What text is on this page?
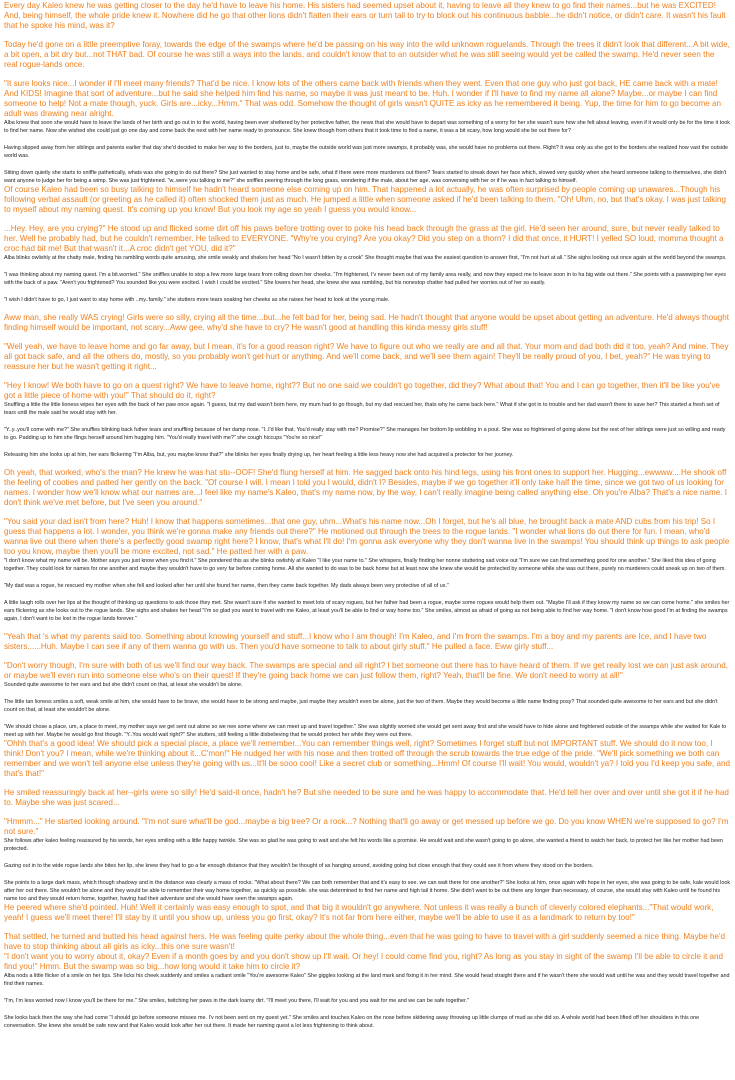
Every day Kaleo knew he was getting closer to the day he'd have to leave his home. His sisters had seemed upset about it, having to leave all they knew to go find their names...but he was EXCITED! And, being himself, the whole pride knew it. Nowhere did he go that other lions didn't flatten their ears or turn tail to try to block out his continuous babble...he didn't notice, or didn't care. It wasn't his fault that he spoke his mind, was it?

Today he'd gone on a little preemptive foray, towards the edge of the swamps where he'd be passing on his way into the wild unknown roguelands. Through the trees it didn't look that different...A bit wide, a bit open, a bit dry but...not THAT bad. Of course he was still a ways into the lands, and couldn't know that to an outsider what he was still seeing would yet be called the swamp. He'd never seen the real rogue-lands once.

"It sure looks nice...I wonder if I'll meet many friends? That'd be nice. I know lots of the others came back with friends when they went. Even that one guy who just got back, HE came back with a mate! And KIDS! Imagine that sort of adventure...but he said she helped him find his name, so maybe it was just meant to be. Huh. I wonder if I'll have to find my name all alone? Maybe...or maybe I can find someone to help! Not a mate though, yuck. Girls are...icky...Hmm." That was odd. Somehow the thought of girls wasn't QUITE as icky as he remembered it being. Yup, the time for him to go become an adult was drawing near alright.

Alba knew that soon she would have to leave the lands of her birth and go out in to the world, having been ever sheltered by her protective father, the news that she would have to depart was something of a worry for her she wasn't sure how she felt about leaving, even if it would only be for the time it took to find her name. Now she wished she could just go one day and come back the next with her name ready to pronounce. She knew though from others that it took time to find a name, it was a bit scary, how long would she be out there for?

Having slipped away from her siblings and parents earlier that day she'd decided to make her way to the borders, just to, maybe the outside world was just more swamps, it probably was, she would have no problems out there. Right? It was only as she got to the borders she realized how vast the outside world was.

Sitting down quietly she starts to sniffle pathetically, whats was she going to do out there? She just wanted to stay home and be safe, what if there were more murderers out there? Tears started to streak down her face which, slowed very quickly when she heard someone talking to themselves, she didn't want anyone to judge her for being a wimp. She was just frightened. "w..were you talking to me?" she sniffles peering through the long grass, wondering if the male, about her age, was conversing with her or if he was in fact talking to himself.

Of course Kaleo had been so busy talking to himself he hadn't heard someone else coming up on him. That happened a lot actually, he was often surprised by people coming up unawares...Though his following verbal assault (or greeting as he called it) often shocked them just as much. He jumped a little when someone asked if he'd been talking to them. "Oh! Uhm, no, but that's okay. I was just talking to myself about my naming quest. It's coming up you know! But you look my age so yeah I guess you would know...

...Hey. Hey, are you crying?" He stood up and flicked some dirt off his paws before trotting over to poke his head back through the grass at the girl. He'd seen her around, sure, but never really talked to her. Well he probably had, but he couldn't remember. He talked to EVERYONE. "Why're you crying? Are you okay? Did you step on a thorn? I did that once, it HURT! I yelled SO loud, momma thought a croc had bit me! But that wasn't it...A croc didn't get YOU, did it?"

Alba blinks owlishly at the chatty male, finding his rambling words quite amusing, she smile weakly and shakes her head "No I wasn't bitten by a crook" She thought maybe that was the easiest question to answer first, "I'm not hurt at all." She sighs looking out once again at the world beyond the swamps.

"I was thinking about my naming quest. I'm a bit.worried." She sniffles unable to stop a few more large tears from rolling down her cheeks. "I'm frightened, I'v never been out of my family area really, and now they expect me to leave soon in to ha big wide out there." She points with a pawswiping her eyes with the back of a paw. "Aren't you frightened? You sounded like you were excited. I wish I could be excited." She lowers her head, she knew she was rambling, but his nonestop chatter had pulled her worries out of her so easily.

"I wish I didn't have to go, I just want to stay home with ..my..family." she stutters more tears soaking her cheeks as she raises her head to look at the young male.

Aww man, she really WAS crying! Girls were so silly, crying all the time...but...he felt bad for her, being sad. He hadn't thought that anyone would be upset about getting an adventure. He'd always thought finding himself would be important, not scary...Aww gee, why'd she have to cry? He wasn't good at handling this kinda messy girls stuff!

"Well yeah, we have to leave home and go far away, but I mean, it's for a good reason right? We have to figure out who we really are and all that. Your mom and dad both did it too, yeah? And mine. They all got back safe, and all the others do, mostly, so you probably won't get hurt or anything. And we'll come back, and we'll see them again! They'll be really proud of you, I bet, yeah?" He was trying to reassure her but he wasn't getting it right...

"Hey I know! We both have to go on a quest right? We have to leave home, right?? But no one said we couldn't go together, did they? What about that! You and I can go together, then it'll be like you've got a little piece of home with you!" That should do it, right?

Snuffling a little the little lioness wipes her eyes with the back of her paw once again. "I guess, but my dad wasn't born here, my mum had to go though, but my dad rescued her, thats why he came back here." What if she got in to trouble and her dad wasn't there to save her? This started a fresh set of tears until the male said he would stay with her.

"Y..y..you'll come with me?" She snuffles blinking back futher tears and snuffling because of her damp nose. "I..I'd like that. You'd really stay with me? Promise?" She manages her bottom lip wobbling in a pout. She was so frightened of going alone but the rest of her siblings were just so willing and ready to go. Padding up to him she flings herself around him hugging him. "You'd really travel with me?" she cough hiccups "You're so nice!"

Releasing him she looks up at him, her ears flickering "I'm Alba, but, you maybe know that?" she blinks her eyes finally drying up, her heart feeling a little less heavy now she had acquired a protector for her journey.

Oh yeah, that worked, who's the man? He knew he was hat stu--OOF! She'd flung herself at him. He sagged back onto his hind legs, using his front ones to support her. Hugging...ewwww....He shook off the feeling of cooties and patted her gently on the back. "Of course I will. I mean I told you I would, didn't I? Besides, maybe if we go together it'll only take half the time, since we got two of us looking for names. I wonder how we'll know what our names are...I feel like my name's Kaleo, that's my name now, by the way, I can't really imagine being called anything else. Oh you're Alba? That's a nice name. I don't think we've met before, but I've seen you around."

"You said your dad isn't from here? Huh! I know that happens sometimes...that one guy, uhm...What's his name now...Oh I forget, but he's all blue, he brought back a mate AND cubs from his trip! So I guess that happens a lot. I wonder, you think we're gonna make any friends out there?" He motioned out through the trees to the rogue lands. "I wonder what lions do out there for fun. I mean, who'd wanna live out there when there's a perfectly good swamp right here? I know, that's what I'll do! I'm gonna ask everyone why they don't wanna live in the swamps! You should think up things to ask people too you know, maybe then you'll be more excited, not sad." He patted her with a paw.

"I don't know what my name will be. Mother says you just know when you find it." She pondered this as she blinks owlishly at Kaleo "I like your name to." She whispers, finally finding her nonne stuttering sad voice out "I'm sure we can find something good for one another." She liked this idea of going together. They could look for names for one another and maybe they wouldn't have to go very far before coming home. All she wanted to do was to be back home but at least now she knew she would be protected by someone while she was out there, purely no murderers could sneak up on two of them.

"My dad was a rogue, he rescued my mother when she fell and looked after her until she found her name, then they came back together. My dads always been very protective of all of us."

A little laugh rolls over her lips at the thought of thinking up questions to ask those they met. She wasn't sure if she wanted to meet lots of scary rogues, but her father had been a rogue, maybe some rogues would help them out. "Maybe I'll ask if they know my name so we can come home." she smiles her ears flickering as she looks out to the rogue lands. She sighs and shakes her head "I'm so glad you want to travel with me Kaleo, at least you'll be able to find or way home too." She smiles, almost as afraid of going as not being able to find her way home. "I don't know how good I'm at finding the swamps again, I don't want to be lost in the rogue lands forever."

"Yeah that 's what my parents said too. Something about knowing yourself and stuff...I know who I am though! I'm Kaleo, and I'm from the swamps. I'm a boy and my parents are Ice, and I have two sisters......Huh. Maybe I can see if any of them wanna go with us. Then you'd have someone to talk to about girly stuff." He pulled a face. Eww girly stuff...

"Don't worry though, I'm sure with both of us we'll find our way back. The swamps are special and all right? I bet someone out there has to have heard of them. If we get really lost we can just ask around, or maybe we'll even run into someone else who's on their quest! If they're going back home we can just follow them, right? Yeah, that'll be fine. We don't need to worry at all!"

Sounded quite awesome to her ears and but she didn't count on that, at least she wouldn't be alone.

The little tan lioness smiles a soft, weak smile at him, she would have to be brave, she would have to be strong and maybe, just maybe they wouldn't even be alone, just the two of them. Maybe they would become a little name finding posy? That sounded quite awesome to her ears and but she didn't count on that, at least she wouldn't be alone.

"We should chose a place, um, a place to meet, my mother says we get sent out alone so we nee some where we can meet up and travel together." She was slightly worried she would get sent away first and she would have to hide alone and frightened outside of the swamps while she waited for Kale to meet up with her. Maybe he would go first though. "Y..You would wait right?" She stutters, still feeling a little disbelieving that he would protect her while they were out there.

"Ohhh that's a good idea! We should pick a special place, a place we'll remember...You can remember things well, right? Sometimes I forget stuff but not IMPORTANT stuff. We should do it now too, I think! Don't you? I mean, while we're thinking about it...C'mon!" He nudged her with his nose and then trotted off through the scrub towards the true edge of the pride. "We'll pick something we both can remember and we won't tell anyone else unless they're going with us...It'll be sooo cool! Like a secret club or something...Hmm! Of course I'll wait! You would, wouldn't ya? I told you I'd keep you safe, and that's that!"

He smiled reassuringly back at her--girls were so silly! He'd said-it once, hadn't he? But she needed to be sure and he was happy to accommodate that. He'd tell her over and over until she got it if he had to. Maybe she was just scared...

"Hmmm..." He started looking around. "I'm not sure what'll be god...maybe a big tree? Or a rock...? Nothing that'll go away or get messed up before we go. Do you know WHEN we're supposed to go? I'm not sure."

She follows after kaleo feeling reassured by his words, her eyes smiling with a little happy twinkle. She was so glad he was going to wait and she felt his words like a promise. He would wait and she wasn't going to go alone, she wanted a friend to watch her back, to protect her like her mother had been protected.

Gazing out in to the wide rogue lands she bites her lip, she knew they had to go a far enough distance that they wouldn't be thought of as hanging around, avoiding going but close enough that they could see it from where they stood on the borders.

She points to a large dark mass, which though shadowy and in the distance was clearly a mass of rocks. "What about there? We can both remember that and it's easy to see. we can wait there for one another?" She looks at him, once again with hope in her eyes, she was going to be safe, kale would look after her out there. She wouldn't be alone and they would be able to remember their way home together, as quickly as possible. she was determined to find her name and high tail it home. She didn't want to be out there any longer than necessary, of course, she would stay with Kaleo until he found his name too and they would return home, together, having had their adventure and she would have seen the swamps again.

He peered where she'd pointed. Huh! Well it certainly was easy enough to spot, and that big it wouldn't go anywhere. Not unless it was really a bunch of cleverly colored elephants..."That would work, yeah! I guess we'll meet there! I'll stay by it until you show up, unless you go first, okay? It's not far from here either, maybe we'll be able to use it as a landmark to return by too!"

That settled, he turned and butted his head against hers. He was feeling quite perky about the whole thing...even that he was going to have to travel with a girl suddenly seemed a nice thing. Maybe he'd have to stop thinking about all girls as icky...this one sure wasn't!

"I don't want you to worry about it, okay? Even if a month goes by and you don't show up I'll wait. Or hey! I could come find you, right? As long as you stay in sight of the swamp I'll be able to circle it and find you!" Hmm. But the swamp was so big...how long would it take him to circle it?

Alba nods a little flicker of a smile on her lips. She licks his cheek suddenly and smiles a radiant smile "You're awesome Kaleo" She giggles looking at the land mark and fixing it in her mind. She would head straight there and if he wasn't there she would wait until he was and they would travel together and find their names.

"I'm, I'm less worried now I know you'll be there for me." She smiles, twitching her paws in the dark loamy dirt. "I'll meet you there, I'll wait for you and you wait for me and we can be safe together."

She looks back then the way she had come "I should go before someone misses me. I'v not been sent on my quest yet." She smiles and touches Kaleo on the nose before skittering away throwing up little clumps of mud as she did so. A whole world had been lifted off her shoulders in this one conversation. She knew she would be safe now and that Kaleo would look after her out there. It made her naming quest a lot less frightening to think about.
